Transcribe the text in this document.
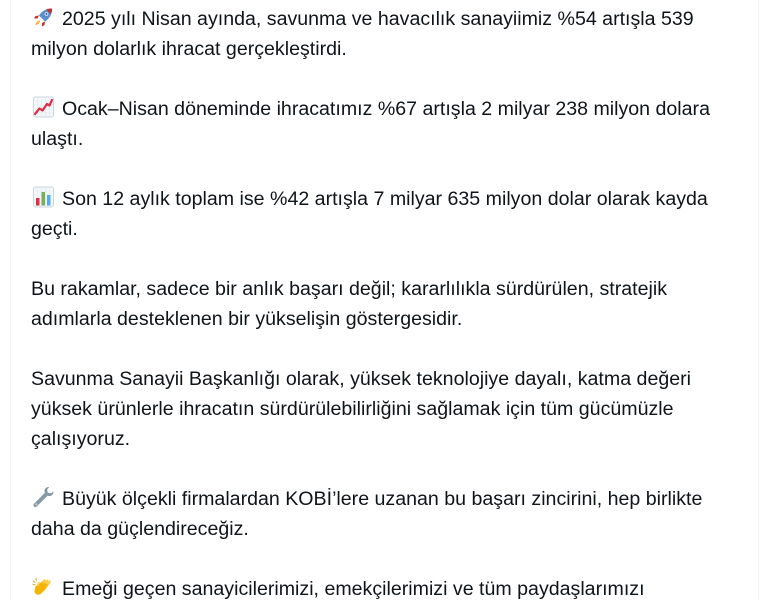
2025 yılı Nisan ayında, savunma ve havacılık sanayiimiz %54 artışla 539 milyon dolarlık ihracat gerçekleştirdi.

Ocak–Nisan döneminde ihracatımız %67 artışla 2 milyar 238 milyon dolara ulaştı.

Son 12 aylık toplam ise %42 artışla 7 milyar 635 milyon dolar olarak kayda geçti.

Bu rakamlar, sadece bir anlık başarı değil; kararlılıkla sürdürülen, stratejik adımlarla desteklenen bir yükselişin göstergesidir.

Savunma Sanayii Başkanlığı olarak, yüksek teknolojiye dayalı, katma değeri yüksek ürünlerle ihracatın sürdürülebilirliğini sağlamak için tüm gücümüzle çalışıyoruz.

Büyük ölçekli firmalardan KOBİ’lere uzanan bu başarı zincirini, hep birlikte daha da güçlendireceğiz.

Emeği geçen sanayicilerimizi, emekçilerimizi ve tüm paydaşlarımızı
